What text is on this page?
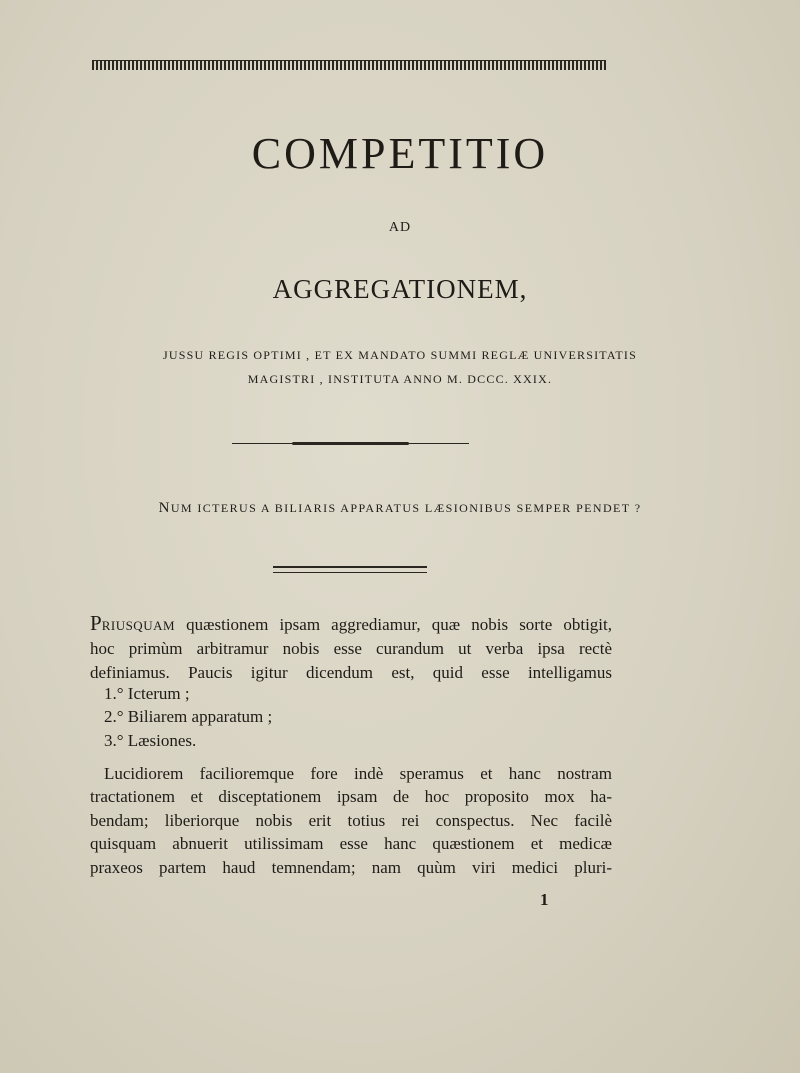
COMPETITIO
AD
AGGREGATIONEM,
JUSSU REGIS OPTIMI , ET EX MANDATO SUMMI REGLÆ UNIVERSITATIS
MAGISTRI , INSTITUTA ANNO M. DCCC. XXIX.
NUM ICTERUS A BILIARIS APPARATUS LÆSIONIBUS SEMPER PENDET ?
PRIUSQUAM quæstionem ipsam aggrediamur, quæ nobis sorte obtigit,
hoc primùm arbitramur nobis esse curandum ut verba ipsa rectè
definiamus. Paucis igitur dicendum est, quid esse intelligamus
1.° Icterum ;
2.° Biliarem apparatum ;
3.° Læsiones.
Lucidiorem facilioremque fore indè speramus et hanc nostram
tractationem et disceptationem ipsam de hoc proposito mox ha-
bendam; liberiorque nobis erit totius rei conspectus. Nec facilè
quisquam abnuerit utilissimam esse hanc quæstionem et medicæ
praxeos partem haud temnendam; nam quùm viri medici pluri-
1
